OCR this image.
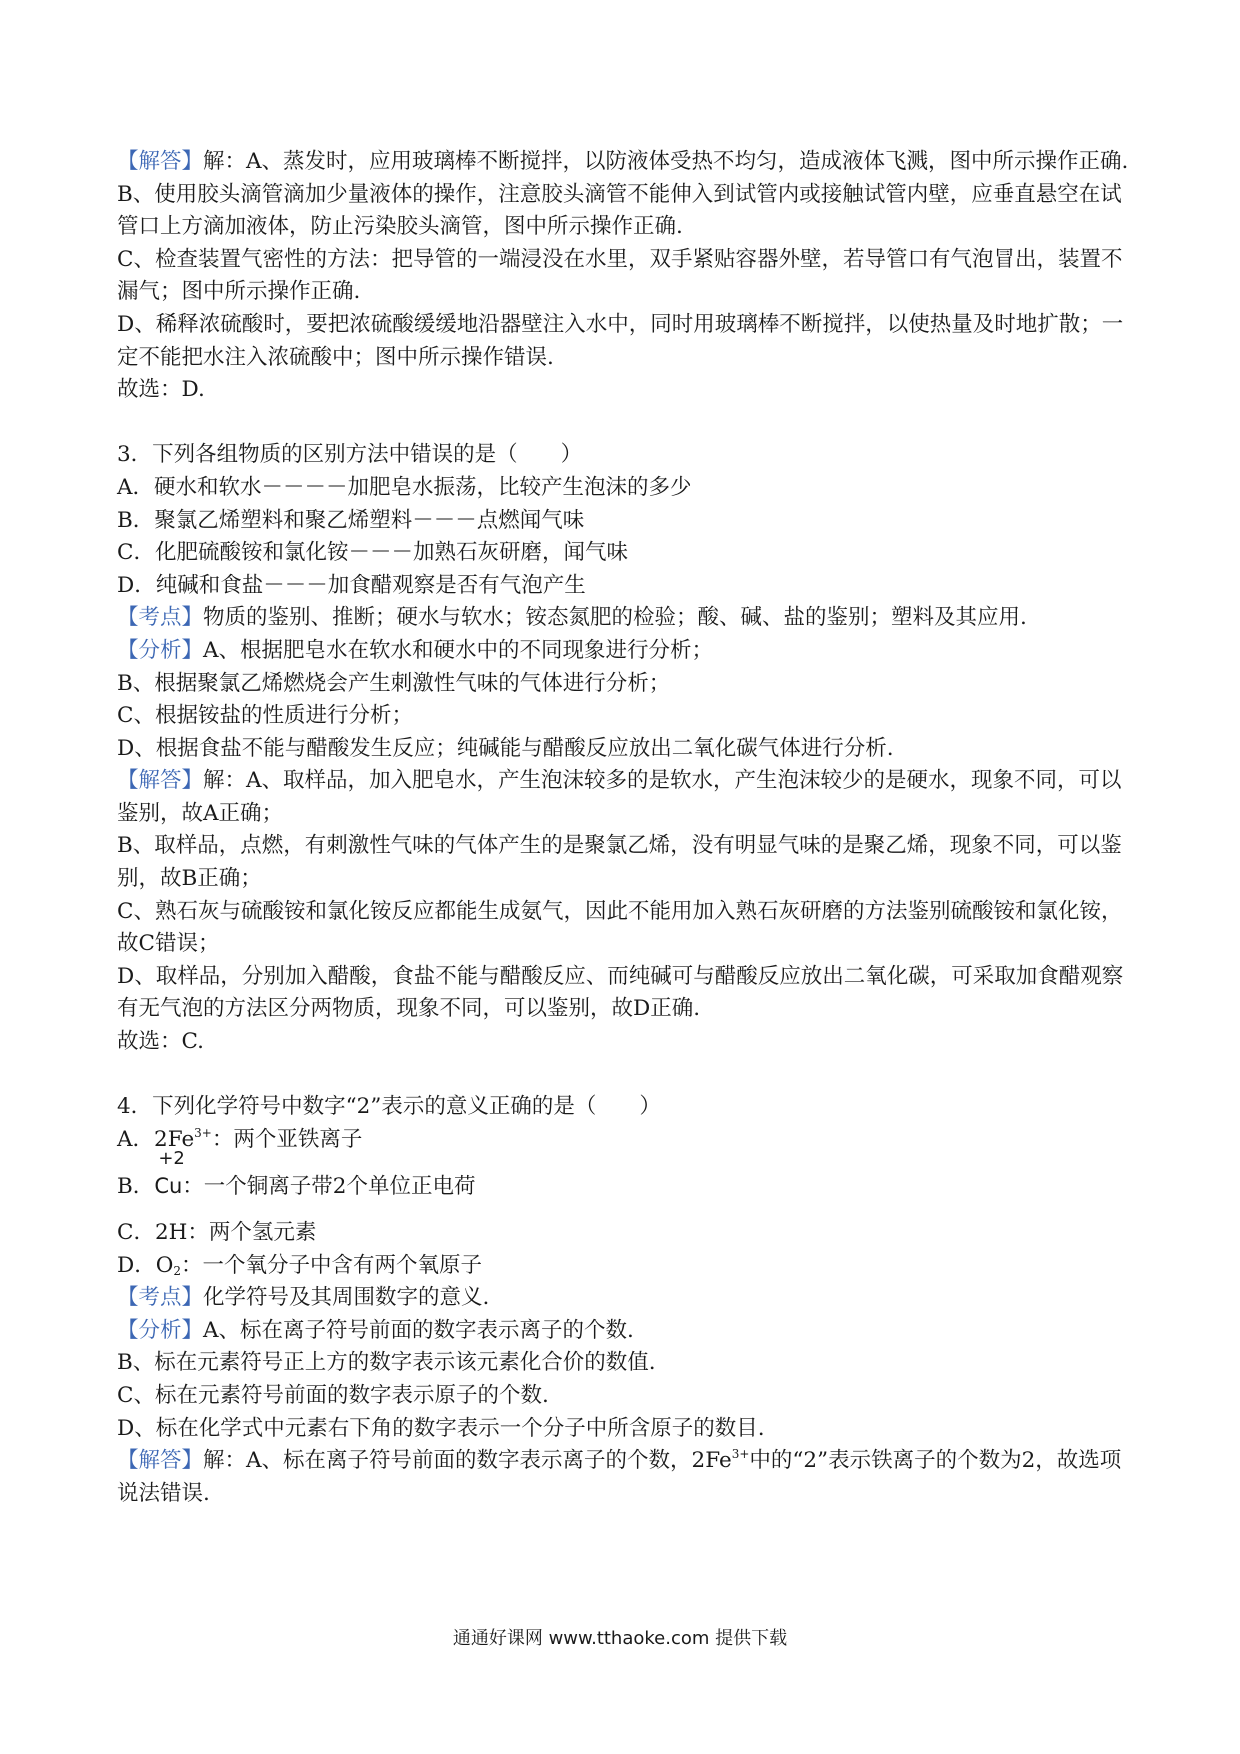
【解答】解：A、蒸发时，应用玻璃棒不断搅拌，以防液体受热不均匀，造成液体飞溅，图中所示操作正确.
B、使用胶头滴管滴加少量液体的操作，注意胶头滴管不能伸入到试管内或接触试管内壁，应垂直悬空在试
管口上方滴加液体，防止污染胶头滴管，图中所示操作正确.
C、检查装置气密性的方法：把导管的一端浸没在水里，双手紧贴容器外壁，若导管口有气泡冒出，装置不
漏气；图中所示操作正确.
D、稀释浓硫酸时，要把浓硫酸缓缓地沿器壁注入水中，同时用玻璃棒不断搅拌，以使热量及时地扩散；一
定不能把水注入浓硫酸中；图中所示操作错误.
故选：D.
3．下列各组物质的区别方法中错误的是（　　）
A．硬水和软水－－－－加肥皂水振荡，比较产生泡沫的多少
B．聚氯乙烯塑料和聚乙烯塑料－－－点燃闻气味
C．化肥硫酸铵和氯化铵－－－加熟石灰研磨，闻气味
D．纯碱和食盐－－－加食醋观察是否有气泡产生
【考点】物质的鉴别、推断；硬水与软水；铵态氮肥的检验；酸、碱、盐的鉴别；塑料及其应用.
【分析】A、根据肥皂水在软水和硬水中的不同现象进行分析；
B、根据聚氯乙烯燃烧会产生刺激性气味的气体进行分析；
C、根据铵盐的性质进行分析；
D、根据食盐不能与醋酸发生反应；纯碱能与醋酸反应放出二氧化碳气体进行分析.
【解答】解：A、取样品，加入肥皂水，产生泡沫较多的是软水，产生泡沫较少的是硬水，现象不同，可以
鉴别，故A正确；
B、取样品，点燃，有刺激性气味的气体产生的是聚氯乙烯，没有明显气味的是聚乙烯，现象不同，可以鉴
别，故B正确；
C、熟石灰与硫酸铵和氯化铵反应都能生成氨气，因此不能用加入熟石灰研磨的方法鉴别硫酸铵和氯化铵，
故C错误；
D、取样品，分别加入醋酸，食盐不能与醋酸反应、而纯碱可与醋酸反应放出二氧化碳，可采取加食醋观察
有无气泡的方法区分两物质，现象不同，可以鉴别，故D正确.
故选：C.
4．下列化学符号中数字“2”表示的意义正确的是（　　）
A．$2Fe^{3+}$：两个亚铁离子
B．
+2
Cu：一个铜离子带2个单位正电荷
C．2H：两个氢元素
D．$O_2$：一个氧分子中含有两个氧原子
【考点】化学符号及其周围数字的意义.
【分析】A、标在离子符号前面的数字表示离子的个数.
B、标在元素符号正上方的数字表示该元素化合价的数值.
C、标在元素符号前面的数字表示原子的个数.
D、标在化学式中元素右下角的数字表示一个分子中所含原子的数目.
【解答】解：A、标在离子符号前面的数字表示离子的个数，$2Fe^{3+}$中的“2”表示铁离子的个数为2，故选项
说法错误.
通通好课网 www.tthaoke.com 提供下载
